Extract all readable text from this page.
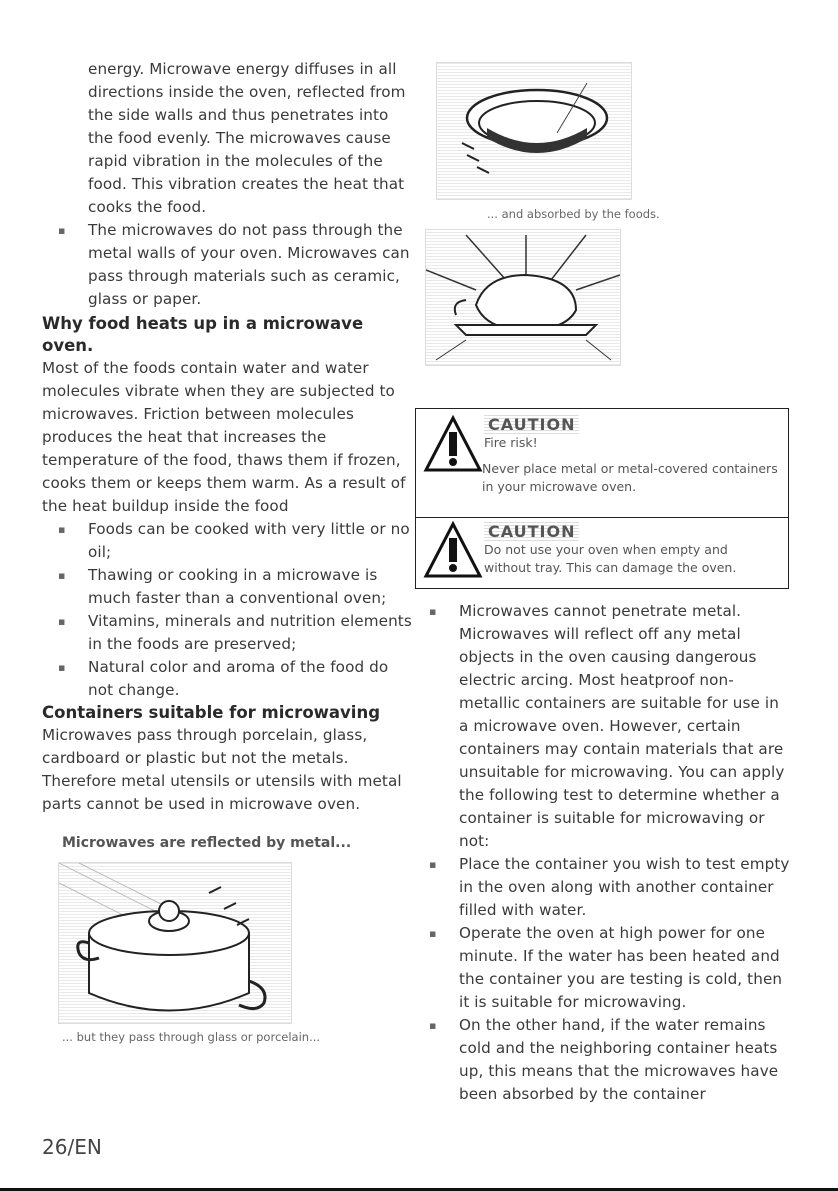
energy. Microwave energy diffuses in all directions inside the oven, reflected from the side walls and thus penetrates into the food evenly. The microwaves cause rapid vibration in the molecules of the food. This vibration creates the heat that cooks the food.

▪ The microwaves do not pass through the metal walls of your oven. Microwaves can pass through materials such as ceramic, glass or paper.
Why food heats up in a microwave oven.

Most of the foods contain water and water molecules vibrate when they are subjected to microwaves. Friction between molecules produces the heat that increases the temperature of the food, thaws them if frozen, cooks them or keeps them warm. As a result of the heat buildup inside the food

▪ Foods can be cooked with very little or no oil;
▪ Thawing or cooking in a microwave is much faster than a conventional oven;
▪ Vitamins, minerals and nutrition elements in the foods are preserved;
▪ Natural color and aroma of the food do not change.
Containers suitable for microwaving

Microwaves pass through porcelain, glass, cardboard or plastic but not the metals. Therefore metal utensils or utensils with metal parts cannot be used in microwave oven.

Microwaves are reflected by metal...
... but they pass through glass or porcelain...
... and absorbed by the foods.
CAUTION
Fire risk!
Never place metal or metal-covered containers in your microwave oven.
CAUTION
Do not use your oven when empty and without tray. This can damage the oven.
▪ Microwaves cannot penetrate metal. Microwaves will reflect off any metal objects in the oven causing dangerous electric arcing. Most heatproof non-metallic containers are suitable for use in a microwave oven. However, certain containers may contain materials that are unsuitable for microwaving. You can apply the following test to determine whether a container is suitable for microwaving or not:
▪ Place the container you wish to test empty in the oven along with another container filled with water.
▪ Operate the oven at high power for one minute. If the water has been heated and the container you are testing is cold, then it is suitable for microwaving.
▪ On the other hand, if the water remains cold and the neighboring container heats up, this means that the microwaves have been absorbed by the container
26/EN
